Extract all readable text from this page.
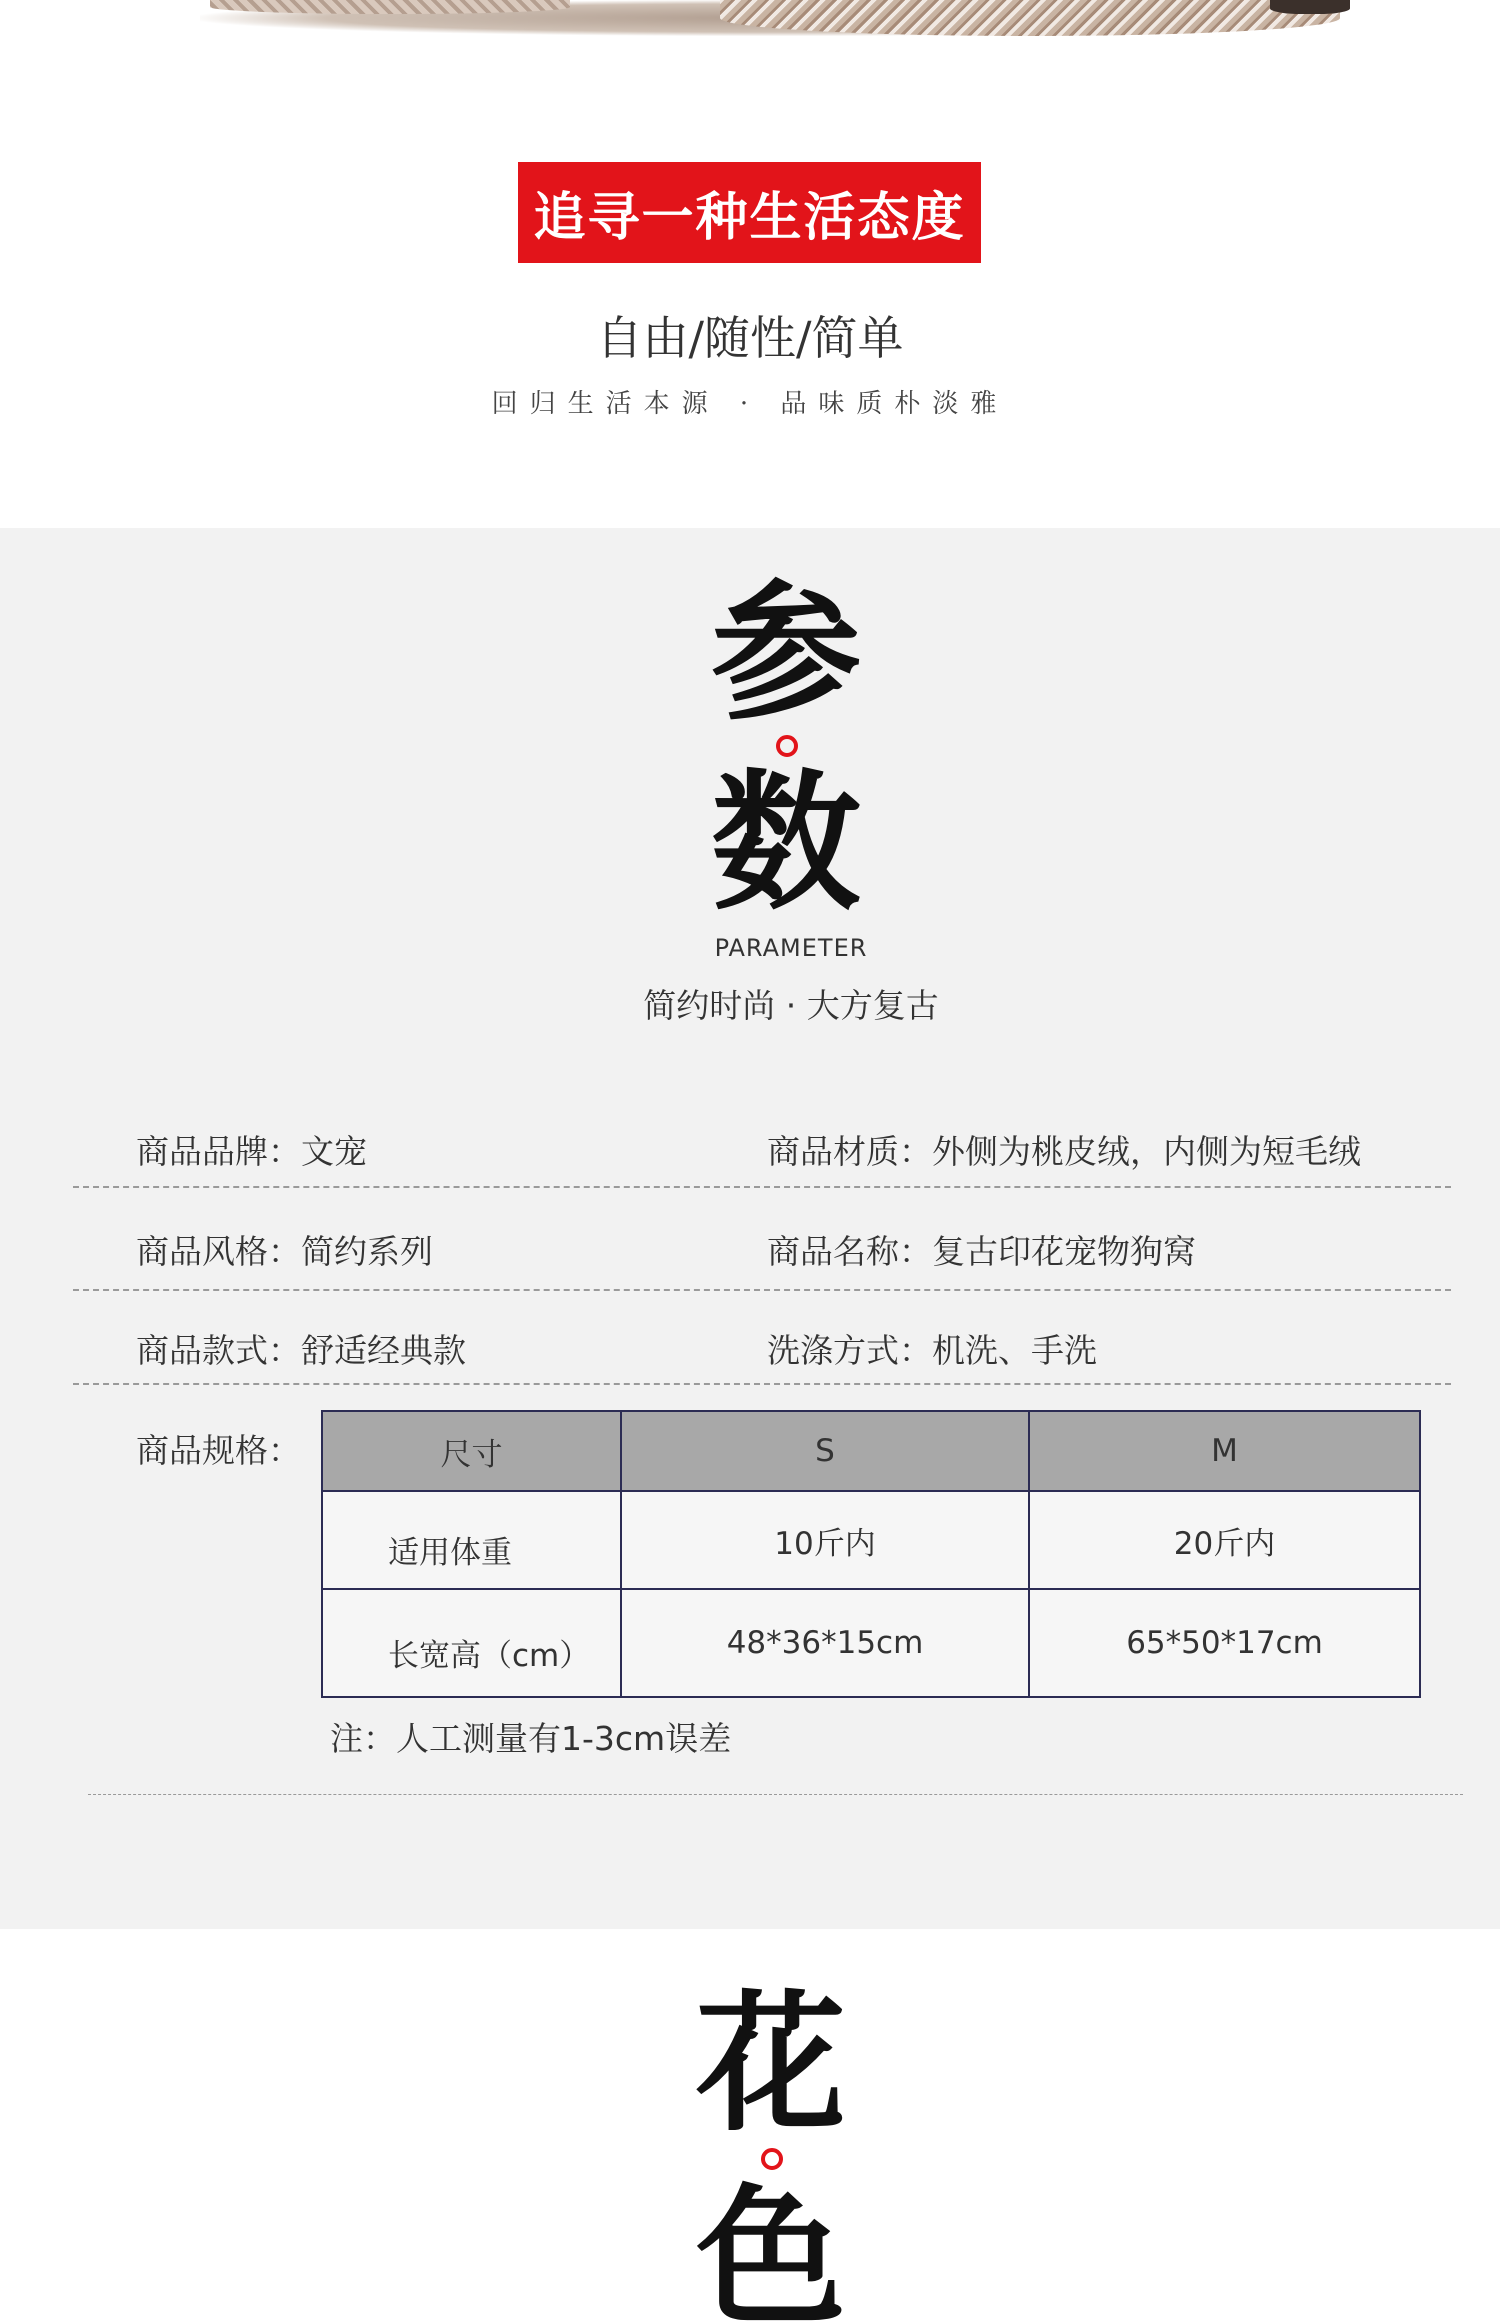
追寻一种生活态度
自由/随性/简单
回归生活本源 · 品味质朴淡雅
参
数
PARAMETER
简约时尚 · 大方复古
商品品牌：文宠	商品材质：外侧为桃皮绒，内侧为短毛绒
商品风格：简约系列	商品名称：复古印花宠物狗窝
商品款式：舒适经典款	洗涤方式：机洗、手洗
商品规格：	尺寸	S	M
适用体重	10斤内	20斤内
长宽高（cm）	48*36*15cm	65*50*17cm
注：人工测量有1-3cm误差
花
色
